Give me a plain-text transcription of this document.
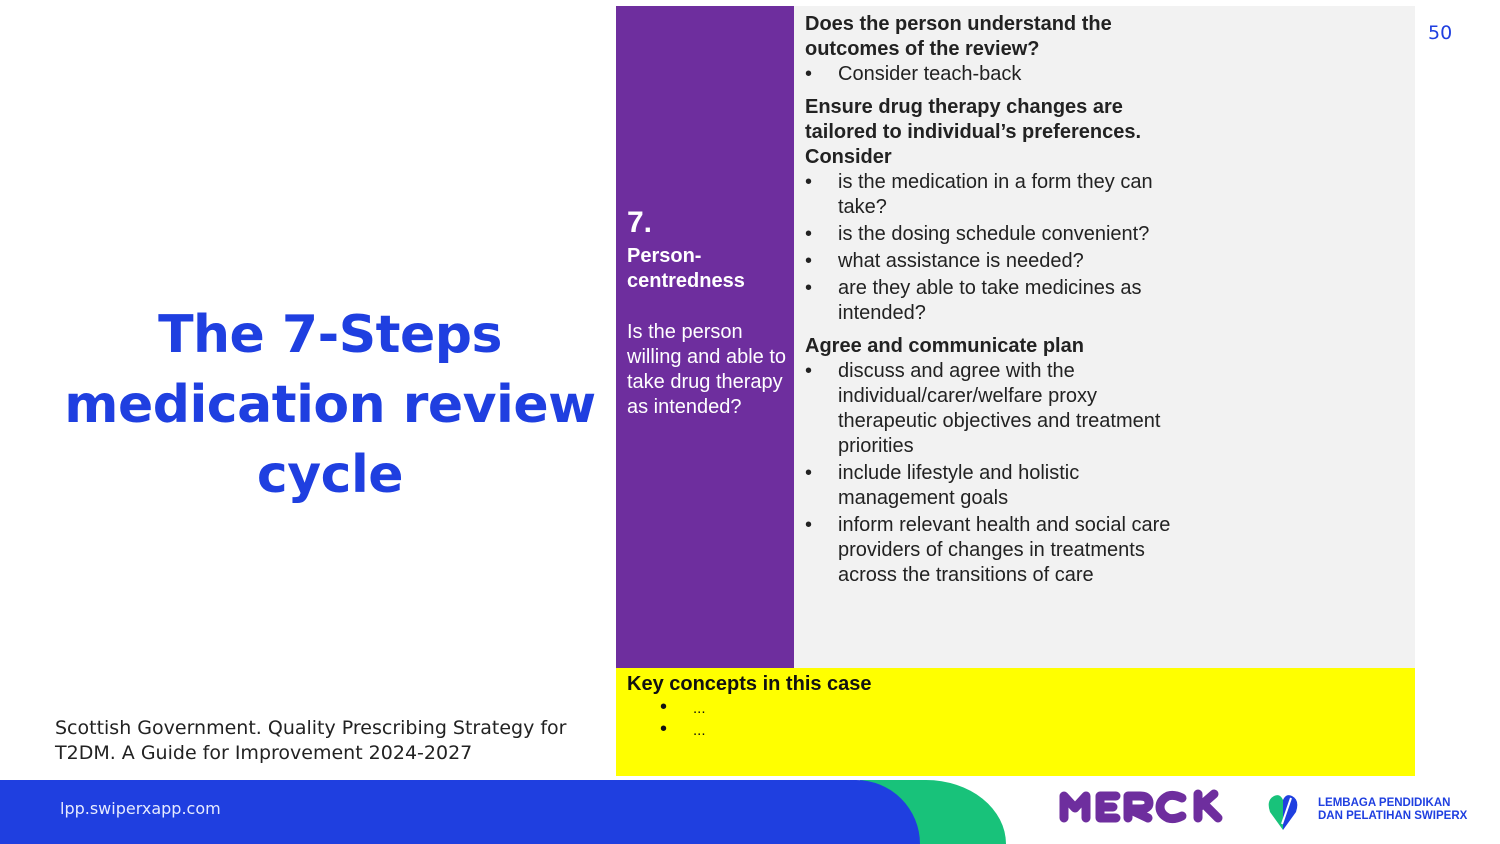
50
The 7-Steps
medication review
cycle
Scottish Government. Quality Prescribing Strategy for
T2DM. A Guide for Improvement 2024-2027
7.
Person-centredness
Is the person willing and able to take drug therapy as intended?
Does the person understand the outcomes of the review?
• Consider teach-back
Ensure drug therapy changes are tailored to individual’s preferences. Consider
• is the medication in a form they can take?
• is the dosing schedule convenient?
• what assistance is needed?
• are they able to take medicines as intended?
Agree and communicate plan
• discuss and agree with the individual/carer/welfare proxy therapeutic objectives and treatment priorities
• include lifestyle and holistic management goals
• inform relevant health and social care providers of changes in treatments across the transitions of care
Key concepts in this case
• ...
• ...
lpp.swiperxapp.com	LEMBAGA PENDIDIKAN
DAN PELATIHAN SWIPERX
